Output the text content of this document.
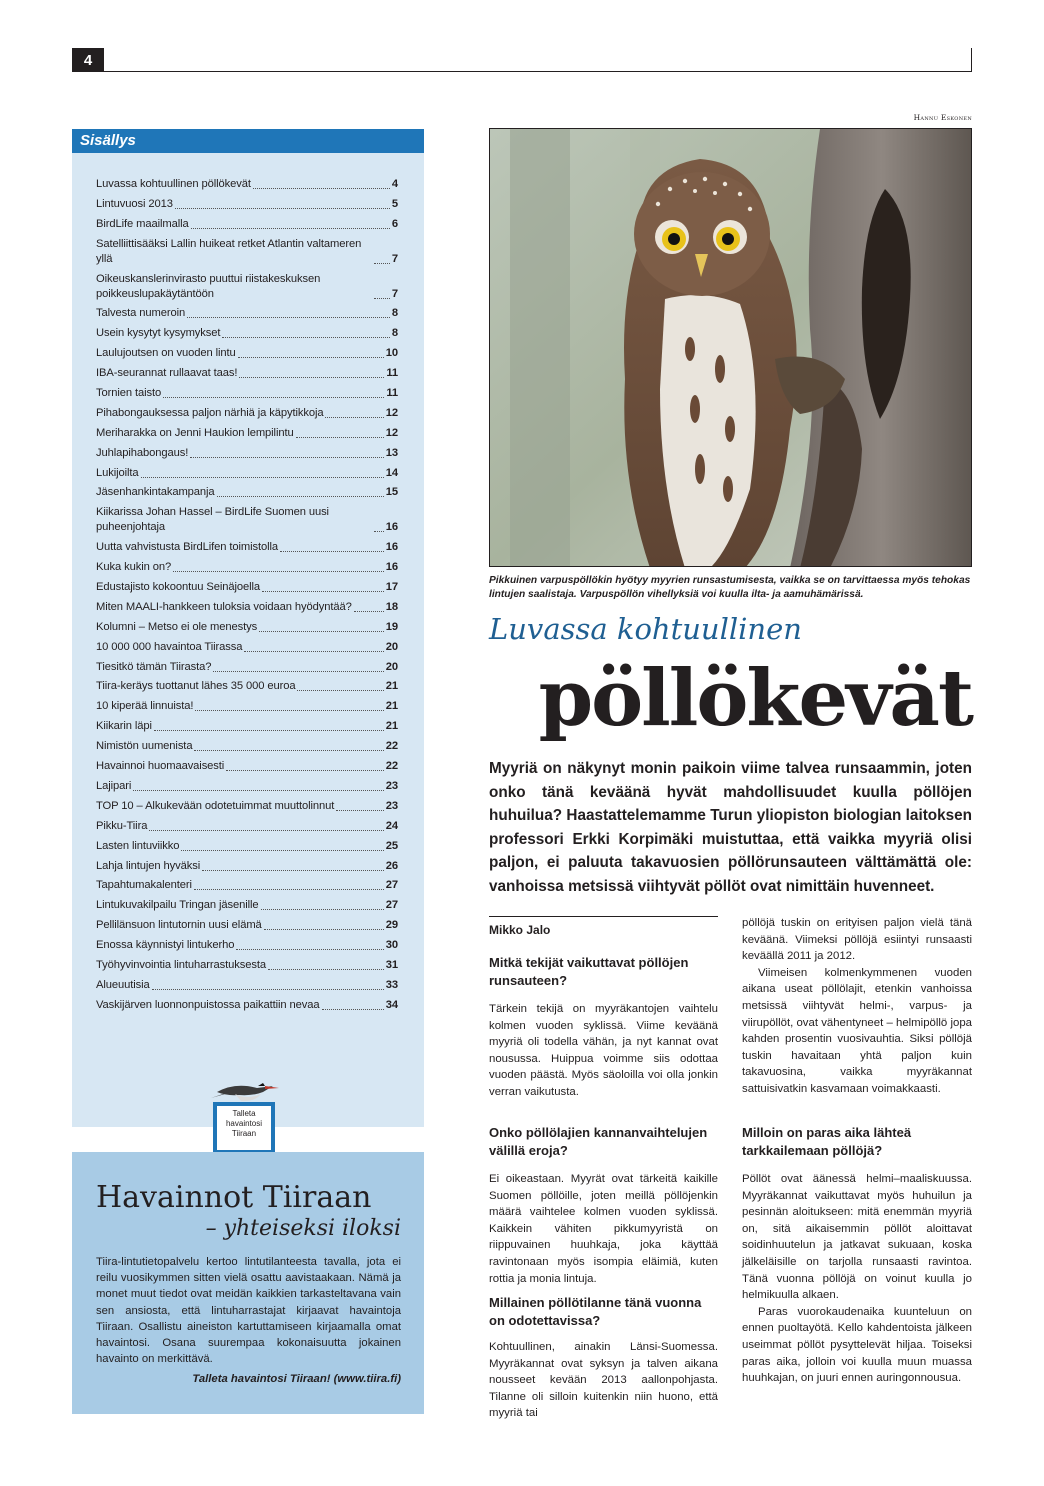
4
Sisällys
Luvassa kohtuullinen pöllökevät	4
Lintuvuosi 2013	5
BirdLife maailmalla	6
Satelliittisääksi Lallin huikeat retket Atlantin valtameren yllä	7
Oikeuskanslerinvirasto puuttui riistakeskuksen poikkeuslupakäytäntöön	7
Talvesta numeroin	8
Usein kysytyt kysymykset	8
Laulujoutsen on vuoden lintu	10
IBA-seurannat rullaavat taas!	11
Tornien taisto	11
Pihabongauksessa paljon närhiä ja käpytikkoja	12
Meriharakka on Jenni Haukion lempilintu	12
Juhlapihabongaus!	13
Lukijoilta	14
Jäsenhankintakampanja	15
Kiikarissa Johan Hassel – BirdLife Suomen uusi puheenjohtaja	16
Uutta vahvistusta BirdLifen toimistolla	16
Kuka kukin on?	16
Edustajisto kokoontuu Seinäjoella	17
Miten MAALI-hankkeen tuloksia voidaan hyödyntää?	18
Kolumni – Metso ei ole menestys	19
10 000 000 havaintoa Tiirassa	20
Tiesitkö tämän Tiirasta?	20
Tiira-keräys tuottanut lähes 35 000 euroa	21
10 kiperää linnuista!	21
Kiikarin läpi	21
Nimistön uumenista	22
Havainnoi huomaavaisesti	22
Lajipari	23
TOP 10 – Alkukevään odotetuimmat muuttolinnut	23
Pikku-Tiira	24
Lasten lintuviikko	25
Lahja lintujen hyväksi	26
Tapahtumakalenteri	27
Lintukuvakilpailu Tringan jäsenille	27
Pellilänsuon lintutornin uusi elämä	29
Enossa käynnistyi lintukerho	30
Työhyvinvointia lintuharrastuksesta	31
Alueuutisia	33
Vaskijärven luonnonpuistossa paikattiin nevaa	34
Talleta
havaintosi
Tiiraan
Havainnot Tiiraan
– yhteiseksi iloksi
Tiira-lintutietopalvelu kertoo lintutilanteesta tavalla, jota ei reilu vuosikymmen sitten vielä osattu aavistaakaan. Nämä ja monet muut tiedot ovat meidän kaikkien tarkasteltavana vain sen ansiosta, että lintuharrastajat kirjaavat havaintoja Tiiraan. Osallistu aineiston kartuttamiseen kirjaamalla omat havaintosi. Osana suurempaa kokonaisuutta jokainen havainto on merkittävä.
Talleta havaintosi Tiiraan! (www.tiira.fi)
Hannu Eskonen
Pikkuinen varpuspöllökin hyötyy myyrien runsastumisesta, vaikka se on tarvittaessa myös tehokas lintujen saalistaja. Varpuspöllön vihellyksiä voi kuulla ilta- ja aamuhämärissä.
Luvassa kohtuullinen
pöllökevät
Myyriä on näkynyt monin paikoin viime talvea runsaammin, joten onko tänä keväänä hyvät mahdollisuudet kuulla pöllöjen huhuilua? Haastattelemamme Turun yliopiston biologian laitoksen professori Erkki Korpimäki muistuttaa, että vaikka myyriä olisi paljon, ei paluuta takavuosien pöllörunsauteen välttämättä ole: vanhoissa metsissä viihtyvät pöllöt ovat nimittäin huvenneet.
Mikko Jalo
Mitkä tekijät vaikuttavat pöllöjen runsauteen?

Tärkein tekijä on myyräkantojen vaihtelu kolmen vuoden syklissä. Viime keväänä myyriä oli todella vähän, ja nyt kannat ovat nousussa. Huippua voimme siis odottaa vuoden päästä. Myös säoloilla voi olla jonkin verran vaikutusta.

Onko pöllölajien kannanvaihtelujen välillä eroja?

Ei oikeastaan. Myyrät ovat tärkeitä kaikille Suomen pöllöille, joten meillä pöllöjenkin määrä vaihtelee kolmen vuoden syklissä. Kaikkein vähiten pikkumyyristä on riippuvainen huuhkaja, joka käyttää ravintonaan myös isompia eläimiä, kuten rottia ja monia lintuja.

Millainen pöllötilanne tänä vuonna on odotettavissa?

Kohtuullinen, ainakin Länsi-Suomessa. Myyräkannat ovat syksyn ja talven aikana nousseet kevään 2013 aallonpohjasta. Tilanne oli silloin kuitenkin niin huono, että myyriä tai

pöllöjä tuskin on erityisen paljon vielä tänä keväänä. Viimeksi pöllöjä esiintyi runsaasti keväällä 2011 ja 2012.

Viimeisen kolmenkymmenen vuoden aikana useat pöllölajit, etenkin vanhoissa metsissä viihtyvät helmi-, varpus- ja viirupöllöt, ovat vähentyneet – helmipöllö jopa kahden prosentin vuosivauhtia. Siksi pöllöjä tuskin havaitaan yhtä paljon kuin takavuosina, vaikka myyräkannat sattuisivatkin kasvamaan voimakkaasti.

Milloin on paras aika lähteä tarkkailemaan pöllöjä?

Pöllöt ovat äänessä helmi–maaliskuussa. Myyräkannat vaikuttavat myös huhuilun ja pesinnän aloitukseen: mitä enemmän myyriä on, sitä aikaisemmin pöllöt aloittavat soidinhuutelun ja jatkavat sukuaan, koska jälkeläisille on tarjolla runsaasti ravintoa. Tänä vuonna pöllöjä on voinut kuulla jo helmikuulla alkaen.

Paras vuorokaudenaika kuunteluun on ennen puoltayötä. Kello kahdentoista jälkeen useimmat pöllöt pysyttelevät hiljaa. Toiseksi paras aika, jolloin voi kuulla muun muassa huuhkajan, on juuri ennen auringonnousua.
